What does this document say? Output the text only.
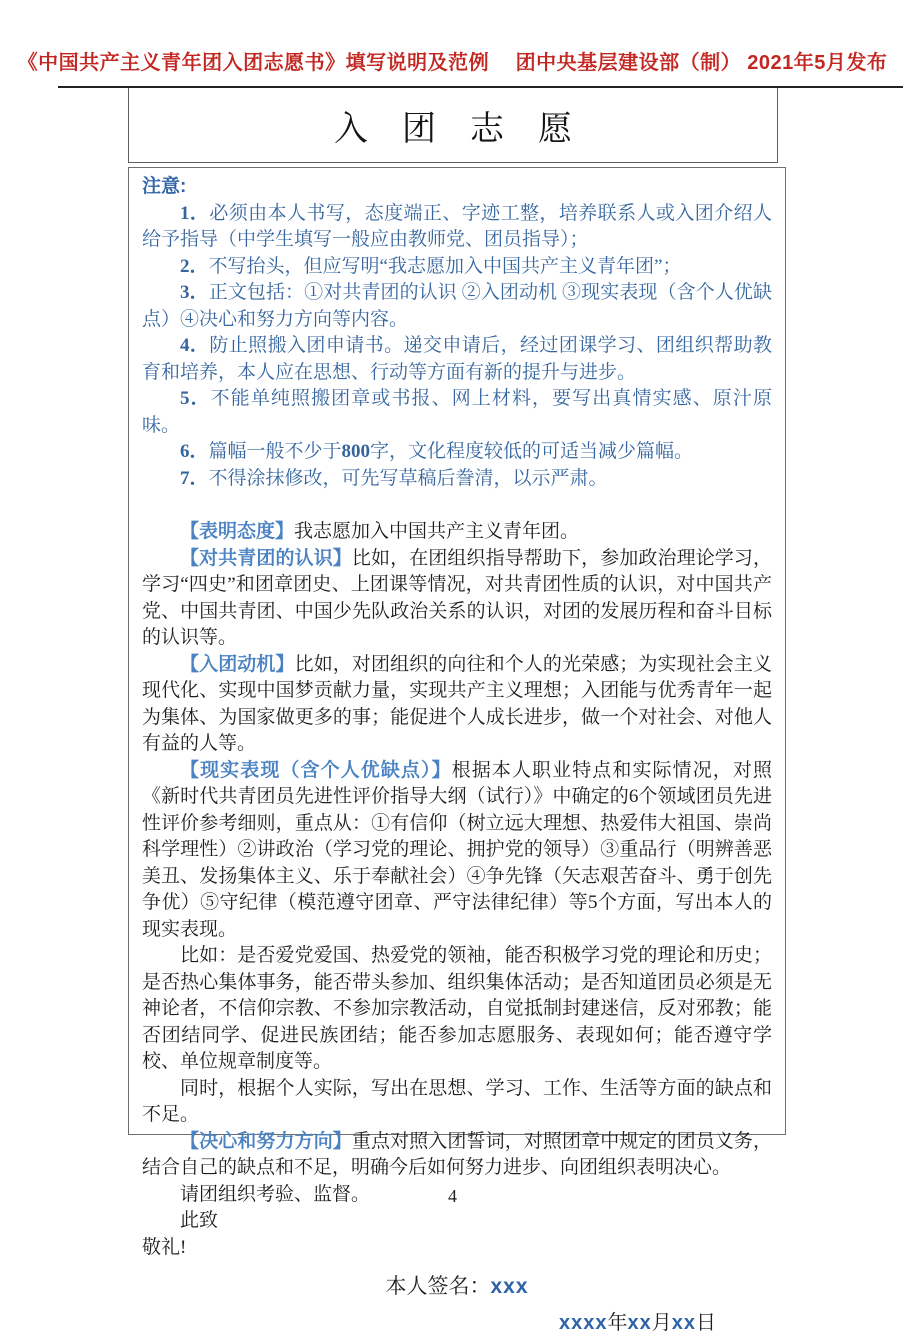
《中国共产主义青年团入团志愿书》填写说明及范例　 团中央基层建设部（制） 2021年5月发布
入　团　志　愿

注意:

1．必须由本人书写，态度端正、字迹工整，培养联系人或入团介绍人给予指导（中学生填写一般应由教师党、团员指导）；

2．不写抬头，但应写明“我志愿加入中国共产主义青年团”；

3．正文包括：①对共青团的认识 ②入团动机 ③现实表现（含个人优缺点）④决心和努力方向等内容。

4．防止照搬入团申请书。递交申请后，经过团课学习、团组织帮助教育和培养，本人应在思想、行动等方面有新的提升与进步。

5．不能单纯照搬团章或书报、网上材料，要写出真情实感、原汁原味。

6．篇幅一般不少于800字，文化程度较低的可适当减少篇幅。

7．不得涂抹修改，可先写草稿后誊清，以示严肃。

【表明态度】我志愿加入中国共产主义青年团。

【对共青团的认识】比如，在团组织指导帮助下，参加政治理论学习，学习“四史”和团章团史、上团课等情况，对共青团性质的认识，对中国共产党、中国共青团、中国少先队政治关系的认识，对团的发展历程和奋斗目标的认识等。

【入团动机】比如，对团组织的向往和个人的光荣感；为实现社会主义现代化、实现中国梦贡献力量，实现共产主义理想；入团能与优秀青年一起为集体、为国家做更多的事；能促进个人成长进步，做一个对社会、对他人有益的人等。

【现实表现（含个人优缺点）】根据本人职业特点和实际情况，对照《新时代共青团员先进性评价指导大纲（试行）》中确定的6个领域团员先进性评价参考细则，重点从：①有信仰（树立远大理想、热爱伟大祖国、崇尚科学理性）②讲政治（学习党的理论、拥护党的领导）③重品行（明辨善恶美丑、发扬集体主义、乐于奉献社会）④争先锋（矢志艰苦奋斗、勇于创先争优）⑤守纪律（模范遵守团章、严守法律纪律）等5个方面，写出本人的现实表现。

比如：是否爱党爱国、热爱党的领袖，能否积极学习党的理论和历史；是否热心集体事务，能否带头参加、组织集体活动；是否知道团员必须是无神论者，不信仰宗教、不参加宗教活动，自觉抵制封建迷信，反对邪教；能否团结同学、促进民族团结；能否参加志愿服务、表现如何；能否遵守学校、单位规章制度等。

同时，根据个人实际，写出在思想、学习、工作、生活等方面的缺点和不足。

【决心和努力方向】重点对照入团誓词，对照团章中规定的团员义务，结合自己的缺点和不足，明确今后如何努力进步、向团组织表明决心。

请团组织考验、监督。

此致

敬礼!

本人签名：xxx

xxxx年xx月xx日

4
